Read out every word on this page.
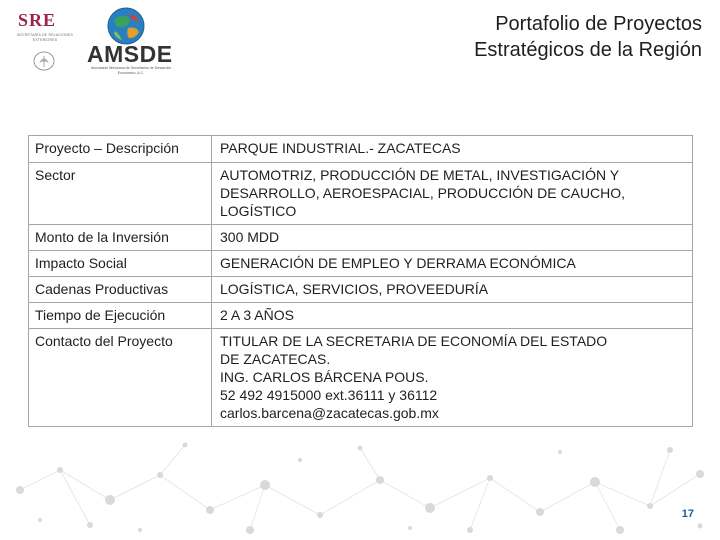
SRE
SECRETARÍA DE RELACIONES EXTERIORES
AMSDE
Asociación Mexicana de Secretarios de Desarrollo Económico, A.C.
Portafolio de Proyectos
Estratégicos de la Región
Proyecto – Descripción	PARQUE INDUSTRIAL.- ZACATECAS

Sector	AUTOMOTRIZ, PRODUCCIÓN DE METAL, INVESTIGACIÓN Y
DESARROLLO, AEROESPACIAL, PRODUCCIÓN DE CAUCHO,
LOGÍSTICO

Monto de la Inversión	300 MDD

Impacto Social	GENERACIÓN DE EMPLEO Y DERRAMA ECONÓMICA

Cadenas Productivas	LOGÍSTICA, SERVICIOS, PROVEEDURÍA

Tiempo de Ejecución	2 A 3 AÑOS

Contacto del Proyecto	TITULAR DE LA SECRETARIA DE ECONOMÍA DEL ESTADO
DE ZACATECAS.
ING. CARLOS BÁRCENA POUS.
52 492 4915000 ext.36111 y 36112
carlos.barcena@zacatecas.gob.mx
17
